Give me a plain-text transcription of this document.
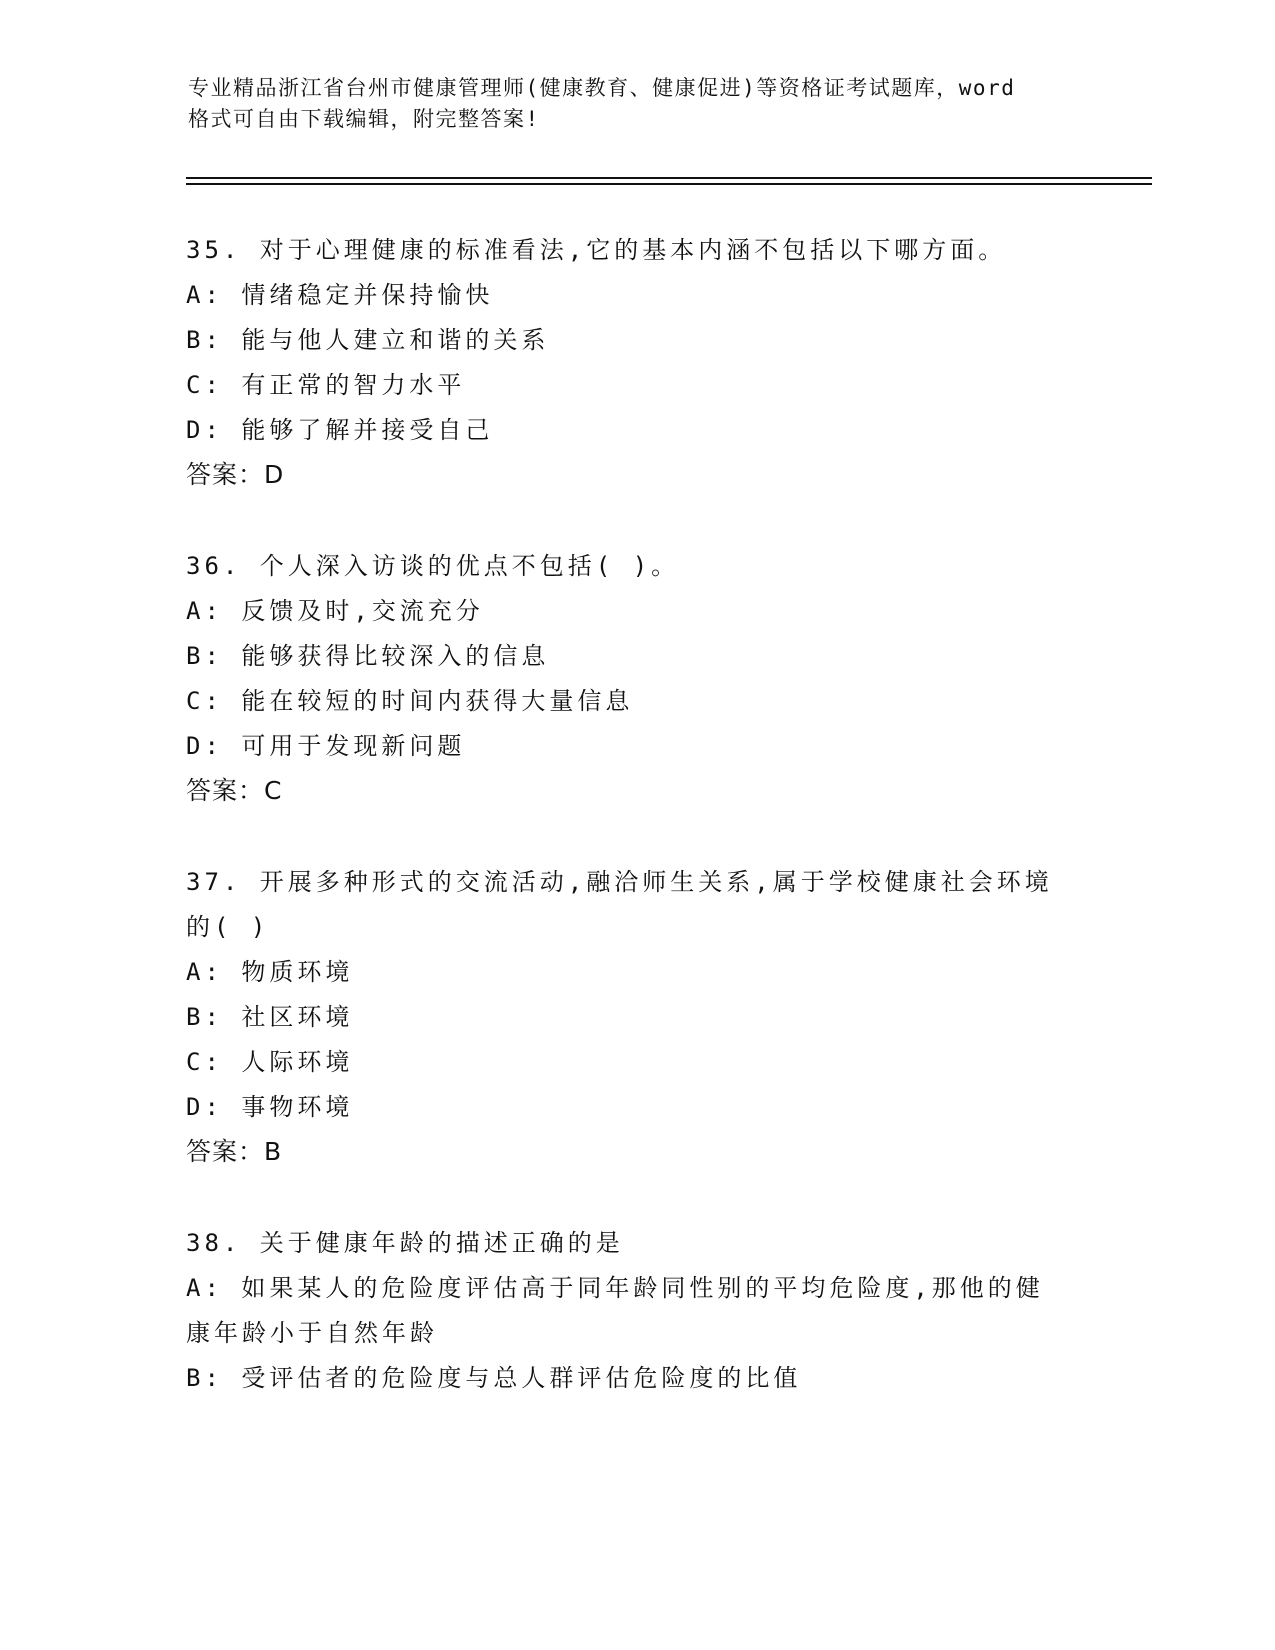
专业精品浙江省台州市健康管理师(健康教育、健康促进)等资格证考试题库，word
格式可自由下载编辑，附完整答案!
35. 对于心理健康的标准看法,它的基本内涵不包括以下哪方面。
A: 情绪稳定并保持愉快
B: 能与他人建立和谐的关系
C: 有正常的智力水平
D: 能够了解并接受自己
答案：D
36. 个人深入访谈的优点不包括( )。
A: 反馈及时,交流充分
B: 能够获得比较深入的信息
C: 能在较短的时间内获得大量信息
D: 可用于发现新问题
答案：C
37. 开展多种形式的交流活动,融洽师生关系,属于学校健康社会环境
的( )
A: 物质环境
B: 社区环境
C: 人际环境
D: 事物环境
答案：B
38. 关于健康年龄的描述正确的是
A: 如果某人的危险度评估高于同年龄同性别的平均危险度,那他的健
康年龄小于自然年龄
B: 受评估者的危险度与总人群评估危险度的比值
